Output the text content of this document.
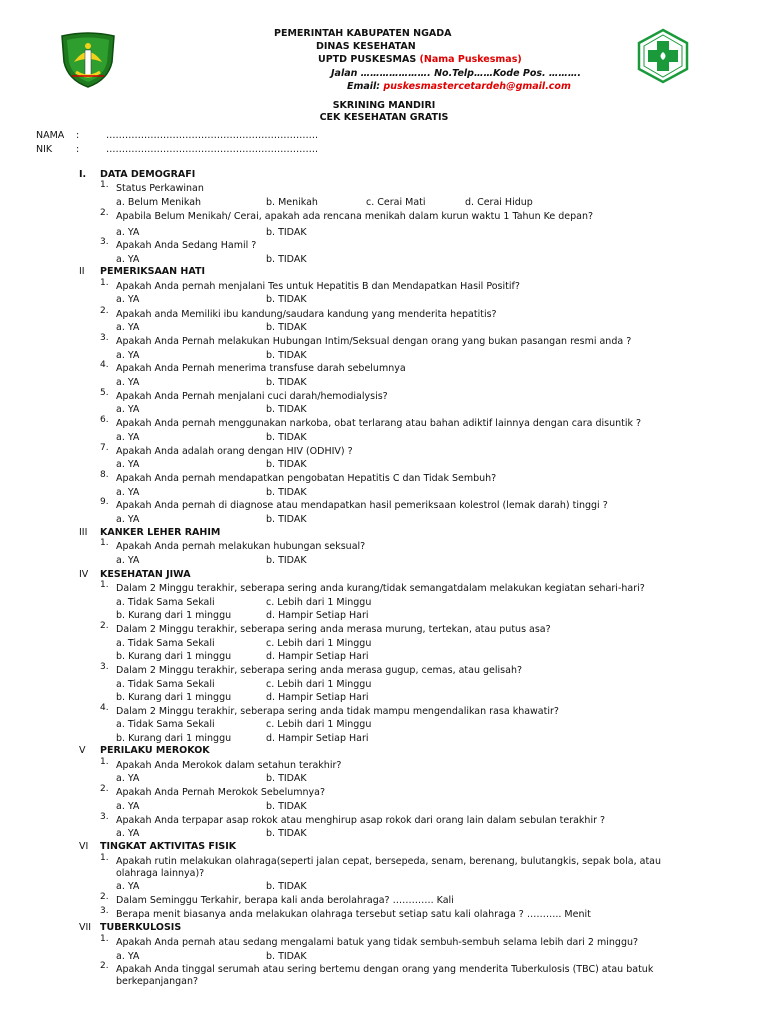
PEMERINTAH KABUPATEN NGADA
DINAS KESEHATAN
UPTD PUSKESMAS (Nama Puskesmas)
Jalan …………………. No.Telp……Kode Pos. ……….
Email: puskesmastercetardeh@gmail.com
SKRINING MANDIRI
CEK KESEHATAN GRATIS
NAMA :	………………………………………………………….
NIK	:	………………………………………………………….
I. DATA DEMOGRAFI
1. Status Perkawinan
a. Belum Menikah	b. Menikah	c. Cerai Mati	d. Cerai Hidup
2. Apabila Belum Menikah/ Cerai, apakah ada rencana menikah dalam kurun waktu 1 Tahun Ke depan?
a. YA	b. TIDAK
3. Apakah Anda Sedang Hamil ?
a. YA	b. TIDAK
II PEMERIKSAAN HATI
1. Apakah Anda pernah menjalani Tes untuk Hepatitis B dan Mendapatkan Hasil Positif?
a. YA	b. TIDAK
2. Apakah anda Memiliki ibu kandung/saudara kandung yang menderita hepatitis?
a. YA	b. TIDAK
3. Apakah Anda Pernah melakukan Hubungan Intim/Seksual dengan orang yang bukan pasangan resmi anda ?
a. YA	b. TIDAK
4. Apakah Anda Pernah menerima transfuse darah sebelumnya
a. YA	b. TIDAK
5. Apakah Anda Pernah menjalani cuci darah/hemodialysis?
a. YA	b. TIDAK
6. Apakah Anda pernah menggunakan narkoba, obat terlarang atau bahan adiktif lainnya dengan cara disuntik ?
a. YA	b. TIDAK
7. Apakah Anda adalah orang dengan HIV (ODHIV) ?
a. YA	b. TIDAK
8. Apakah Anda pernah mendapatkan pengobatan Hepatitis C dan Tidak Sembuh?
a. YA	b. TIDAK
9. Apakah Anda pernah di diagnose atau mendapatkan hasil pemeriksaan kolestrol (lemak darah) tinggi ?
a. YA	b. TIDAK
III KANKER LEHER RAHIM
1. Apakah Anda pernah melakukan hubungan seksual?
a. YA	b. TIDAK
IV KESEHATAN JIWA
1. Dalam 2 Minggu terakhir, seberapa sering anda kurang/tidak semangatdalam melakukan kegiatan sehari-hari?
a. Tidak Sama Sekali	c. Lebih dari 1 Minggu
b. Kurang dari 1 minggu	d. Hampir Setiap Hari
2. Dalam 2 Minggu terakhir, seberapa sering anda merasa murung, tertekan, atau putus asa?
a. Tidak Sama Sekali	c. Lebih dari 1 Minggu
b. Kurang dari 1 minggu	d. Hampir Setiap Hari
3. Dalam 2 Minggu terakhir, seberapa sering anda merasa gugup, cemas, atau gelisah?
a. Tidak Sama Sekali	c. Lebih dari 1 Minggu
b. Kurang dari 1 minggu	d. Hampir Setiap Hari
4. Dalam 2 Minggu terakhir, seberapa sering anda tidak mampu mengendalikan rasa khawatir?
a. Tidak Sama Sekali	c. Lebih dari 1 Minggu
b. Kurang dari 1 minggu	d. Hampir Setiap Hari
V PERILAKU MEROKOK
1. Apakah Anda Merokok dalam setahun terakhir?
a. YA	b. TIDAK
2. Apakah Anda Pernah Merokok Sebelumnya?
a. YA	b. TIDAK
3. Apakah Anda terpapar asap rokok atau menghirup asap rokok dari orang lain dalam sebulan terakhir ?
a. YA	b. TIDAK
VI TINGKAT AKTIVITAS FISIK
1. Apakah rutin melakukan olahraga(seperti jalan cepat, bersepeda, senam, berenang, bulutangkis, sepak bola, atau olahraga lainnya)?
a. YA	b. TIDAK
2. Dalam Seminggu Terkahir, berapa kali anda berolahraga? …………. Kali
3. Berapa menit biasanya anda melakukan olahraga tersebut setiap satu kali olahraga ? ……….. Menit
VII TUBERKULOSIS
1. Apakah Anda pernah atau sedang mengalami batuk yang tidak sembuh-sembuh selama lebih dari 2 minggu?
a. YA	b. TIDAK
2. Apakah Anda tinggal serumah atau sering bertemu dengan orang yang menderita Tuberkulosis (TBC) atau batuk berkepanjangan?
